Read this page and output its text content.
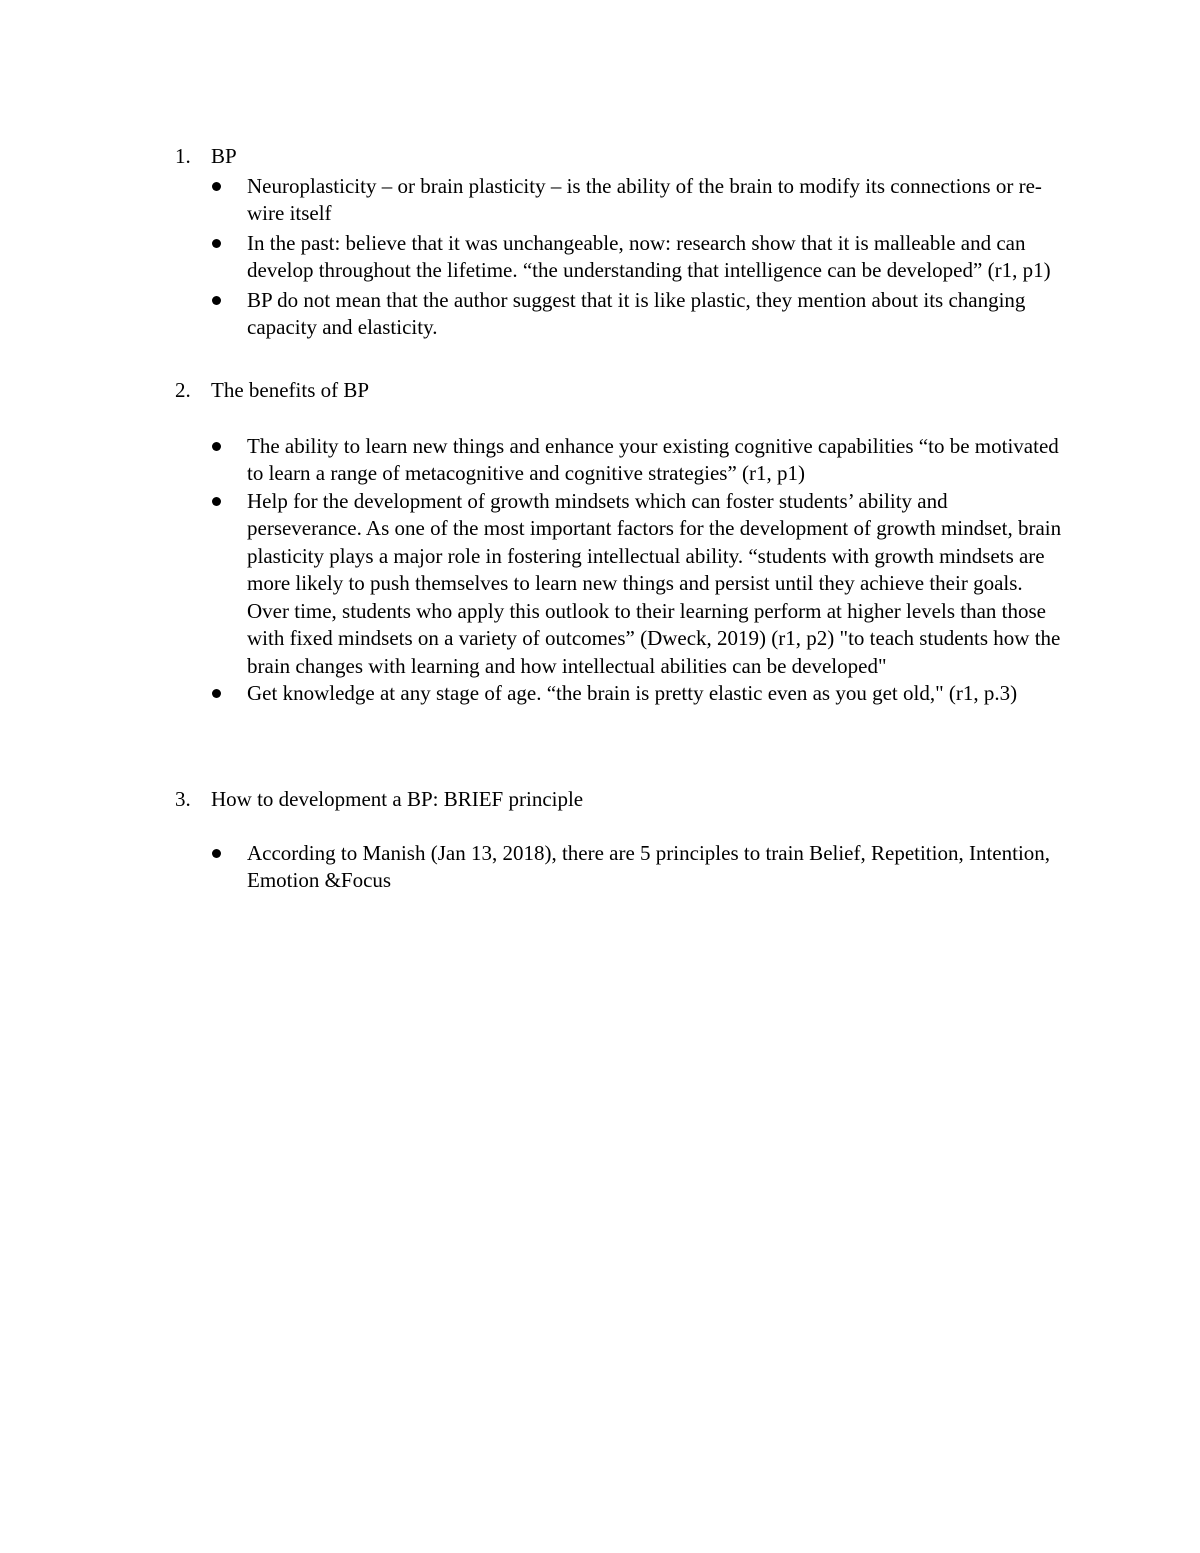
1. BP
Neuroplasticity – or brain plasticity – is the ability of the brain to modify its connections or re-wire itself
In the past: believe that it was unchangeable, now: research show that it is malleable and can develop throughout the lifetime. “the understanding that intelligence can be developed” (r1, p1)
BP do not mean that the author suggest that it is like plastic, they mention about its changing capacity and elasticity.
2. The benefits of BP
The ability to learn new things and enhance your existing cognitive capabilities “to be motivated to learn a range of metacognitive and cognitive strategies” (r1, p1)
Help for the development of growth mindsets which can foster students’ ability and perseverance. As one of the most important factors for the development of growth mindset, brain plasticity plays a major role in fostering intellectual ability. “students with growth mindsets are more likely to push themselves to learn new things and persist until they achieve their goals. Over time, students who apply this outlook to their learning perform at higher levels than those with fixed mindsets on a variety of outcomes” (Dweck, 2019) (r1, p2) "to teach students how the brain changes with learning and how intellectual abilities can be developed"
Get knowledge at any stage of age. “the brain is pretty elastic even as you get old," (r1, p.3)
3. How to development a BP: BRIEF principle
According to Manish (Jan 13, 2018), there are 5 principles to train Belief, Repetition, Intention, Emotion &Focus
